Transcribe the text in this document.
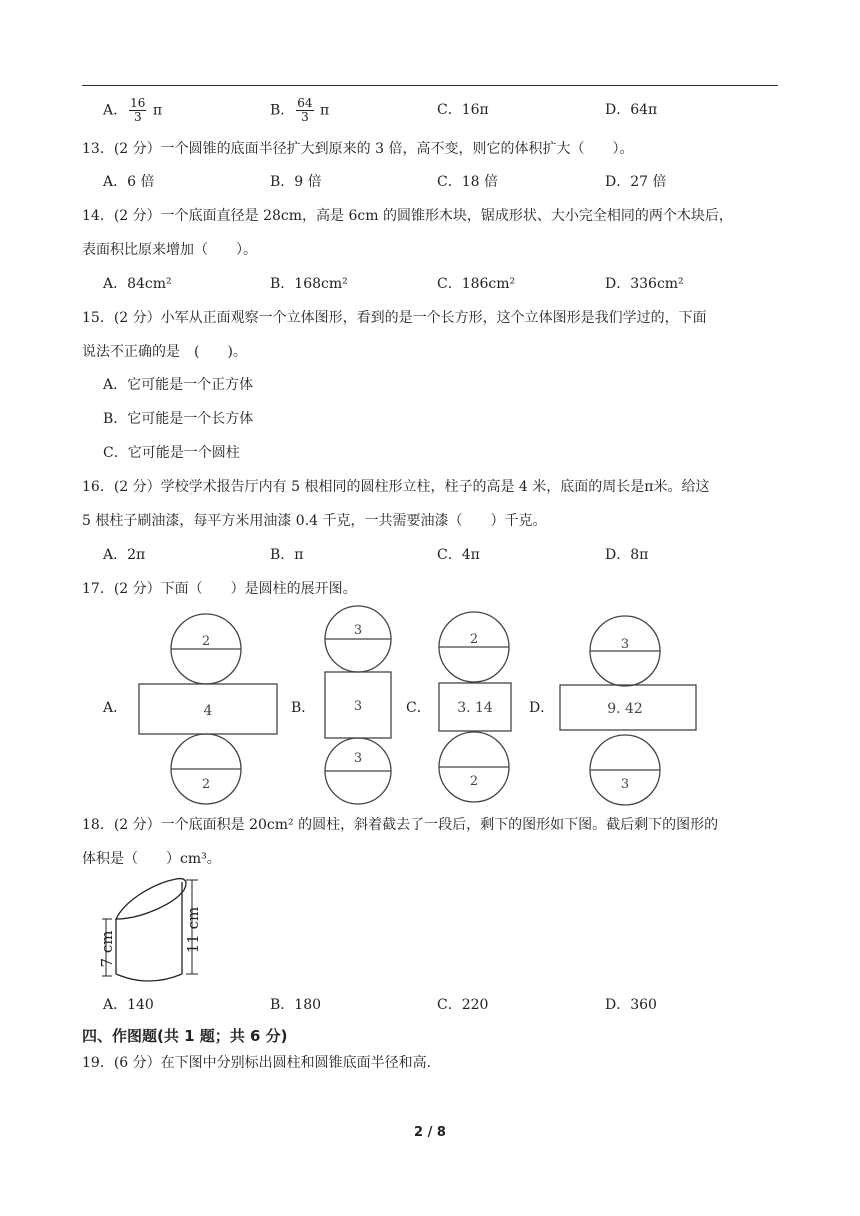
A． $\frac{16}{3}$ π	B． $\frac{64}{3}$ π	C．16π	D．64π
13．(2 分）一个圆锥的底面半径扩大到原来的 3 倍，高不变，则它的体积扩大（　　）。
A．6 倍	B．9 倍	C．18 倍	D．27 倍
14．(2 分）一个底面直径是 28cm，高是 6cm 的圆锥形木块，锯成形状、大小完全相同的两个木块后，
表面积比原来增加（　　）。
A．84cm²	B．168cm²	C．186cm²	D．336cm²
15．(2 分）小军从正面观察一个立体图形，看到的是一个长方形，这个立体图形是我们学过的，下面
说法不正确的是　(　　)。
A．它可能是一个正方体
B．它可能是一个长方体
C．它可能是一个圆柱
16．(2 分）学校学术报告厅内有 5 根相同的圆柱形立柱，柱子的高是 4 米，底面的周长是π米。给这
5 根柱子刷油漆，每平方米用油漆 0.4 千克，一共需要油漆（　　）千克。
A．2π	B．π	C．4π	D．8π
17．(2 分）下面（　　）是圆柱的展开图。
A．
2
4
2
B．
3
3
3
C．
2
3. 14
2
D．
3
9. 42
3
18．(2 分）一个底面积是 20cm² 的圆柱，斜着截去了一段后，剩下的图形如下图。截后剩下的图形的
体积是（　　）cm³。
7 cm	11 cm
A．140	B．180	C．220	D．360
四、作图题(共 1 题；共 6 分)
19．(6 分）在下图中分别标出圆柱和圆锥底面半径和高．
2 / 8
